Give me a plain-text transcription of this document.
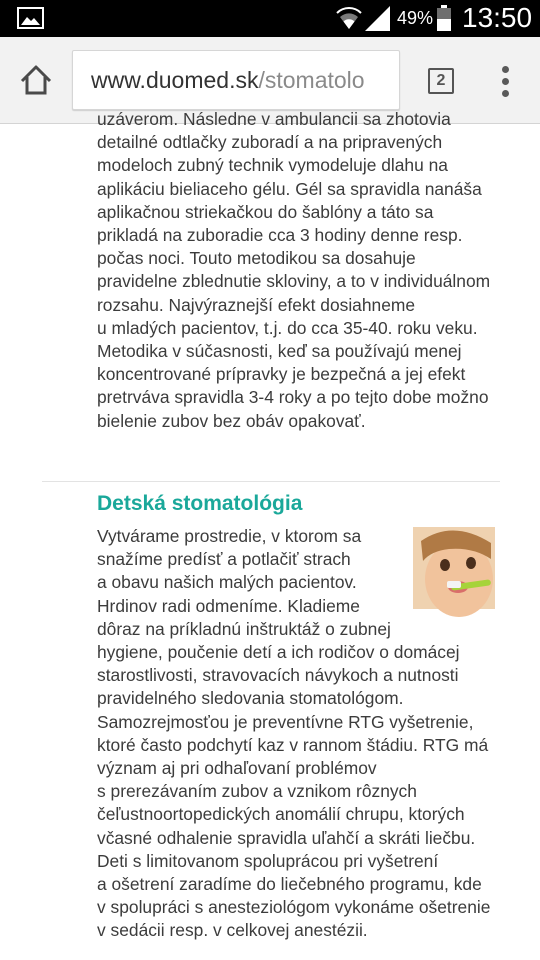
49% 13:50
www.duomed.sk/stomatolo	2

uzáverom. Následne v ambulancii sa zhotovia
detailné odtlačky zuboradí a na pripravených
modeloch zubný technik vymodeluje dlahu na
aplikáciu bieliaceho gélu. Gél sa spravidla nanáša
aplikačnou striekačkou do šablóny a táto sa
prikladá na zuboradie cca 3 hodiny denne resp.
počas noci. Touto metodikou sa dosahuje
pravidelne zblednutie skloviny, a to v individuálnom
rozsahu. Najvýraznejší efekt dosiahneme
u mladých pacientov, t.j. do cca 35-40. roku veku.
Metodika v súčasnosti, keď sa používajú menej
koncentrované prípravky je bezpečná a jej efekt
pretrváva spravidla 3-4 roky a po tejto dobe možno
bielenie zubov bez obáv opakovať.

Detská stomatológia

Vytvárame prostredie, v ktorom sa
snažíme predísť a potlačiť strach
a obavu našich malých pacientov.
Hrdinov radi odmeníme. Kladieme
dôraz na príkladnú inštruktáž o zubnej
hygiene, poučenie detí a ich rodičov o domácej
starostlivosti, stravovacích návykoch a nutnosti
pravidelného sledovania stomatológom.
Samozrejmosťou je preventívne RTG vyšetrenie,
ktoré často podchytí kaz v rannom štádiu. RTG má
význam aj pri odhaľovaní problémov
s prerezávaním zubov a vznikom rôznych
čeľustnoortopedických anomálií chrupu, ktorých
včasné odhalenie spravidla uľahčí a skráti liečbu.
Deti s limitovanom spoluprácou pri vyšetrení
a ošetrení zaradíme do liečebného programu, kde
v spolupráci s anesteziológom vykonáme ošetrenie
v sedácii resp. v celkovej anestézii.
